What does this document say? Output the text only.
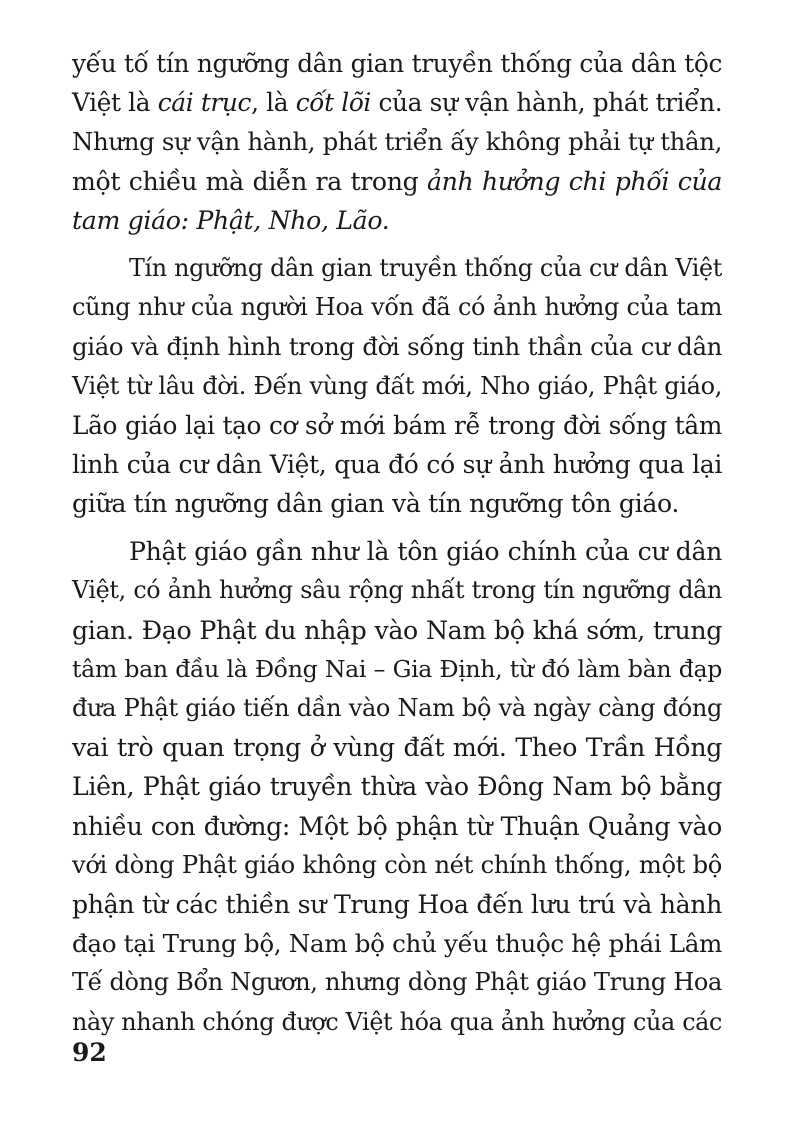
yếu tố tín ngưỡng dân gian truyền thống của dân tộc
Việt là cái trục, là cốt lõi của sự vận hành, phát triển.
Nhưng sự vận hành, phát triển ấy không phải tự thân,
một chiều mà diễn ra trong ảnh hưởng chi phối của
tam giáo: Phật, Nho, Lão.
Tín ngưỡng dân gian truyền thống của cư dân Việt
cũng như của người Hoa vốn đã có ảnh hưởng của tam
giáo và định hình trong đời sống tinh thần của cư dân
Việt từ lâu đời. Đến vùng đất mới, Nho giáo, Phật giáo,
Lão giáo lại tạo cơ sở mới bám rễ trong đời sống tâm
linh của cư dân Việt, qua đó có sự ảnh hưởng qua lại
giữa tín ngưỡng dân gian và tín ngưỡng tôn giáo.
Phật giáo gần như là tôn giáo chính của cư dân
Việt, có ảnh hưởng sâu rộng nhất trong tín ngưỡng dân
gian. Đạo Phật du nhập vào Nam bộ khá sớm, trung
tâm ban đầu là Đồng Nai – Gia Định, từ đó làm bàn đạp
đưa Phật giáo tiến dần vào Nam bộ và ngày càng đóng
vai trò quan trọng ở vùng đất mới. Theo Trần Hồng
Liên, Phật giáo truyền thừa vào Đông Nam bộ bằng
nhiều con đường: Một bộ phận từ Thuận Quảng vào
với dòng Phật giáo không còn nét chính thống, một bộ
phận từ các thiền sư Trung Hoa đến lưu trú và hành
đạo tại Trung bộ, Nam bộ chủ yếu thuộc hệ phái Lâm
Tế dòng Bổn Ngươn, nhưng dòng Phật giáo Trung Hoa
này nhanh chóng được Việt hóa qua ảnh hưởng của các
92
